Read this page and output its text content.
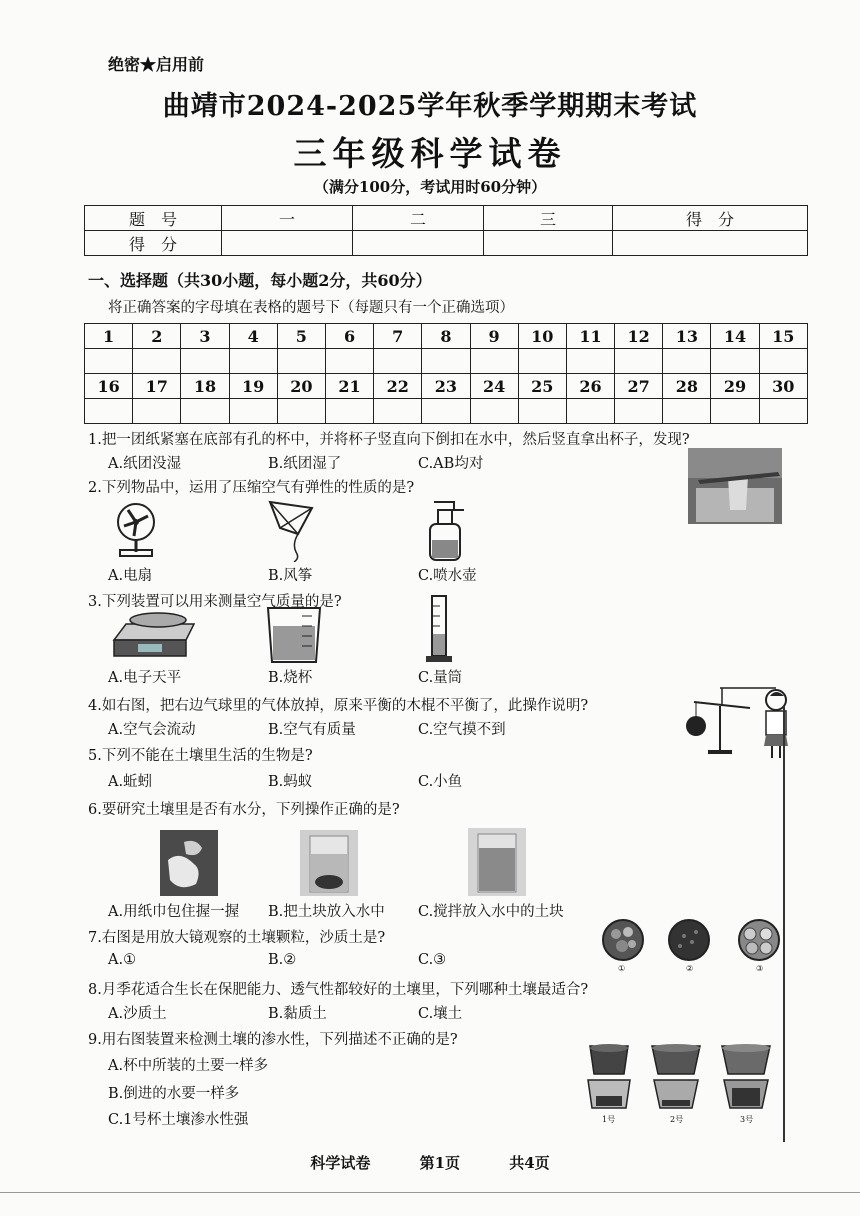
绝密★启用前
曲靖市2024-2025学年秋季学期期末考试
三年级科学试卷
（满分100分，考试用时60分钟）
题　号	一	二	三	得　分
得　分				
一、选择题（共30小题，每小题2分，共60分）
将正确答案的字母填在表格的题号下（每题只有一个正确选项）
1	2	3	4	5	6	7	8	9	10	11	12	13	14	15

16	17	18	19	20	21	22	23	24	25	26	27	28	29	30

1.把一团纸紧塞在底部有孔的杯中，并将杯子竖直向下倒扣在水中，然后竖直拿出杯子，发现?
A.纸团没湿	B.纸团湿了	C.AB均对
2.下列物品中，运用了压缩空气有弹性的性质的是?
A.电扇	B.风筝	C.喷水壶
3.下列装置可以用来测量空气质量的是?
A.电子天平	B.烧杯	C.量筒
4.如右图，把右边气球里的气体放掉，原来平衡的木棍不平衡了，此操作说明?
A.空气会流动	B.空气有质量	C.空气摸不到
5.下列不能在土壤里生活的生物是?
A.蚯蚓	B.蚂蚁	C.小鱼
6.要研究土壤里是否有水分，下列操作正确的是?
A.用纸巾包住握一握 B.把土块放入水中 C.搅拌放入水中的土块
7.右图是用放大镜观察的土壤颗粒，沙质土是?
A.①	B.②	C.③
①	②	③
8.月季花适合生长在保肥能力、透气性都较好的土壤里，下列哪种土壤最适合?
A.沙质土	B.黏质土	C.壤土
9.用右图装置来检测土壤的渗水性，下列描述不正确的是?
A.杯中所装的土要一样多
B.倒进的水要一样多
C.1号杯土壤渗水性强	1号	2号	3号
科学试卷	第1页	共4页
